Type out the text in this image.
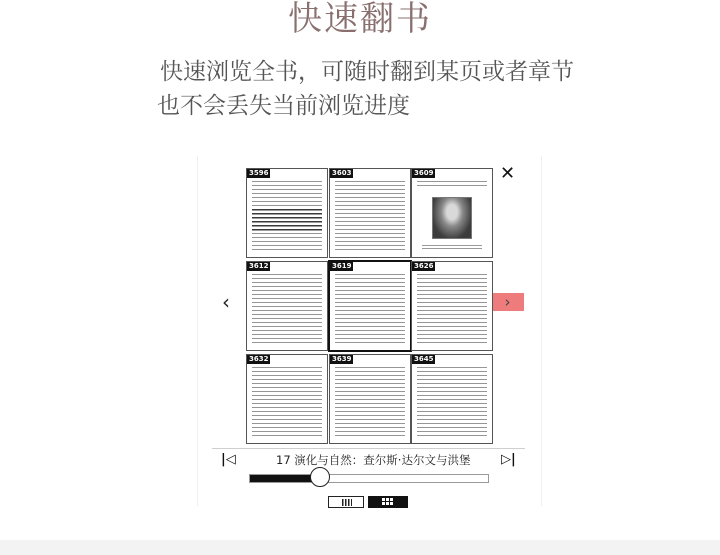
快速翻书
快速浏览全书，可随时翻到某页或者章节
也不会丢失当前浏览进度
✕
‹	›
3596	3603	3609
3612	3619	3626
3632	3639	3645
|◁	17 演化与自然：查尔斯·达尔文与洪堡 ▷|
